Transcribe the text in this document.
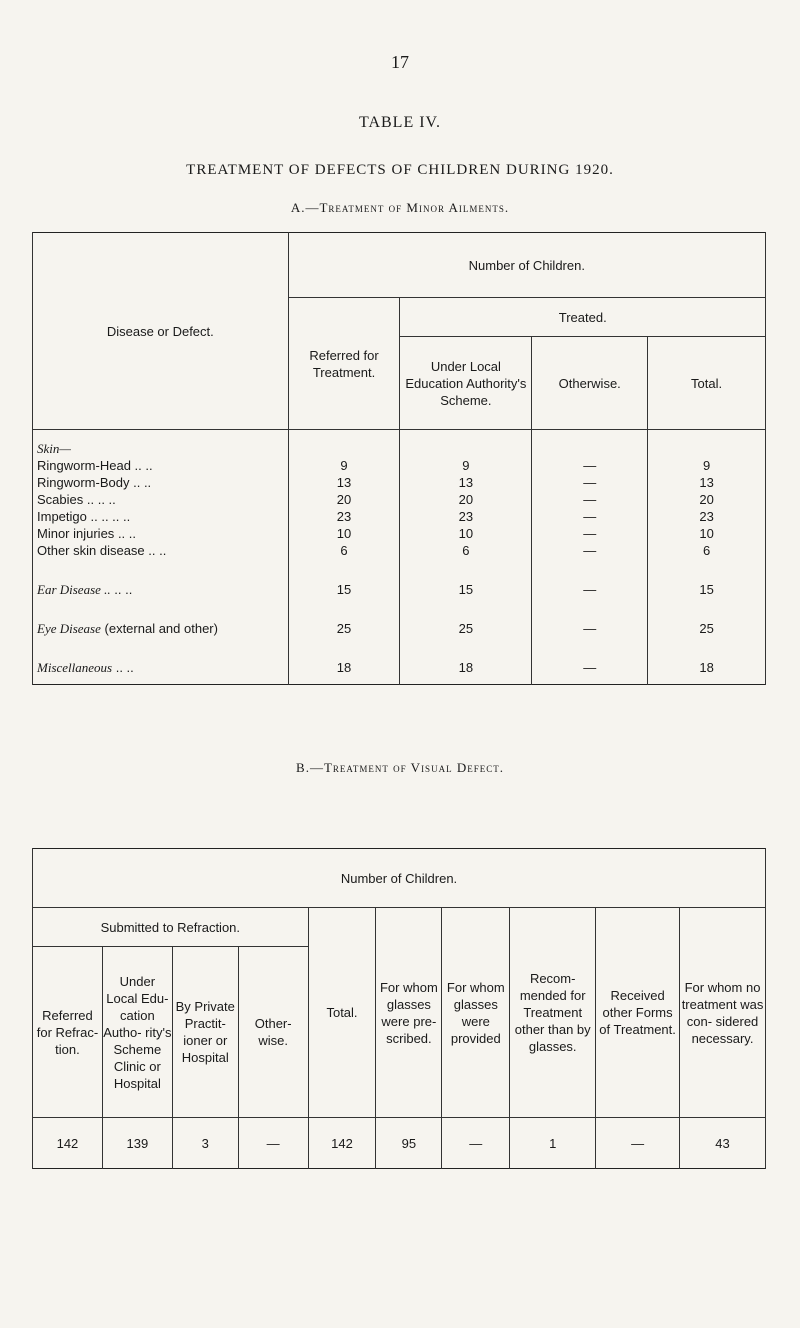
17
TABLE IV.
TREATMENT OF DEFECTS OF CHILDREN DURING 1920.
A.—Treatment of Minor Ailments.
Disease or Defect.	Number of Children.			
	Referred for Treatment.	Treated.		
		Under Local Education Authority's Scheme.	Otherwise.	Total.

Skin—				
Ringworm-Head .. ..	9	9	—	9
Ringworm-Body .. ..	13	13	—	13
Scabies .. .. ..	20	20	—	20
Impetigo .. .. .. ..	23	23	—	23
Minor injuries .. ..	10	10	—	10
Other skin disease .. ..	6	6	—	6

Ear Disease .. .. ..	15	15	—	15

Eye Disease (external and other)	25	25	—	25

Miscellaneous .. ..	18	18	—	18

B.—Treatment of Visual Defect.
Number of Children.									
Submitted to Refraction.				Total.	For whom glasses were pre- scribed.	For whom glasses were provided	Recom- mended for Treatment other than by glasses.	Received other Forms of Treatment.	For whom no treatment was con- sidered necessary.
Referred for Refrac- tion.	Under Local Edu- cation Autho- rity's Scheme Clinic or Hospital	By Private Practit- ioner or Hospital	Other- wise.						
142	139	3	—	142	95	—	1	—	43
